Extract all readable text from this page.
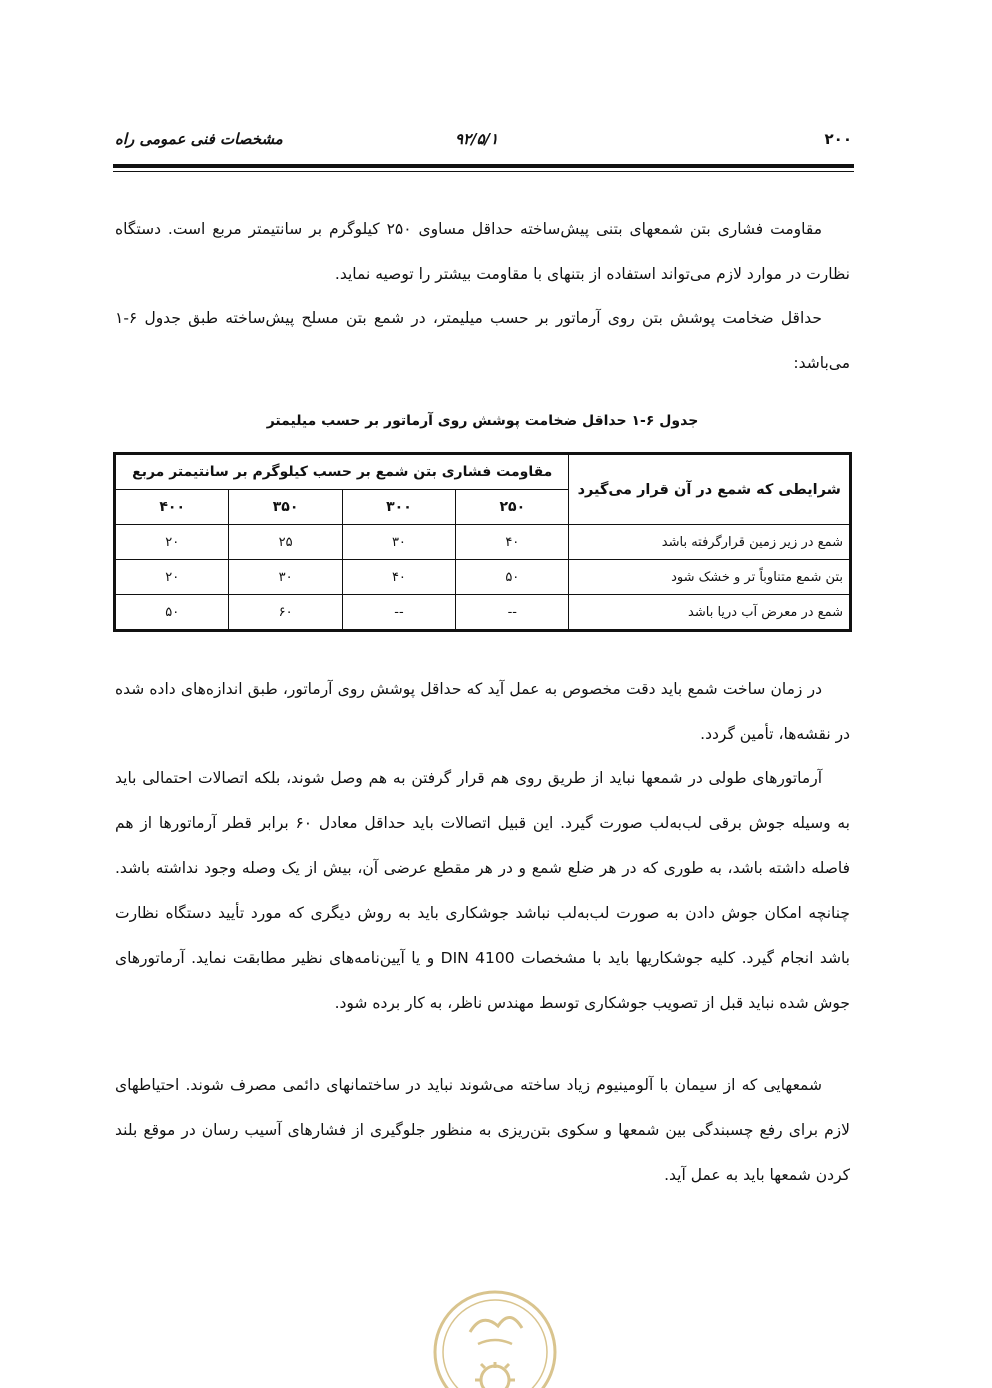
مشخصات فنی عمومی راه	۹۲/۵/۱	۲۰۰

مقاومت فشاری بتن شمعهای بتنی پیش‌ساخته حداقل مساوی ۲۵۰ کیلوگرم بر سانتیمتر مربع است. دستگاه نظارت در موارد لازم می‌تواند استفاده از بتنهای با مقاومت بیشتر را توصیه نماید.

حداقل ضخامت پوشش بتن روی آرماتور بر حسب میلیمتر، در شمع بتن مسلح پیش‌ساخته طبق جدول ۶-۱ می‌باشد:

جدول ۶-۱ حداقل ضخامت پوشش روی آرماتور بر حسب میلیمتر
شرایطی که شمع در آن قرار می‌گیرد	مقاومت فشاری بتن شمع بر حسب کیلوگرم بر سانتیمتر مربع			
	۲۵۰	۳۰۰	۳۵۰	۴۰۰
شمع در زیر زمین قرارگرفته باشد	۴۰	۳۰	۲۵	۲۰
بتن شمع متناوباً تر و خشک شود	۵۰	۴۰	۳۰	۲۰
شمع در معرض آب دریا باشد	--	--	۶۰	۵۰

در زمان ساخت شمع باید دقت مخصوص به عمل آید که حداقل پوشش روی آرماتور، طبق اندازه‌های داده شده در نقشه‌ها، تأمین گردد.

آرماتورهای طولی در شمعها نباید از طریق روی هم قرار گرفتن به هم وصل شوند، بلکه اتصالات احتمالی باید به وسیله جوش برقی لب‌به‌لب صورت گیرد. این قبیل اتصالات باید حداقل معادل ۶۰ برابر قطر آرماتورها از هم فاصله داشته باشد، به طوری که در هر ضلع شمع و در هر مقطع عرضی آن، بیش از یک وصله وجود نداشته باشد. چنانچه امکان جوش دادن به صورت لب‌به‌لب نباشد جوشکاری باید به روش دیگری که مورد تأیید دستگاه نظارت باشد انجام گیرد. کلیه جوشکاریها باید با مشخصات DIN 4100 و یا آیین‌نامه‌های نظیر مطابقت نماید. آرماتورهای جوش شده نباید قبل از تصویب جوشکاری توسط مهندس ناظر، به کار برده شود.

شمعهایی که از سیمان با آلومینیوم زیاد ساخته می‌شوند نباید در ساختمانهای دائمی مصرف شوند. احتیاطهای لازم برای رفع چسبندگی بین شمعها و سکوی بتن‌ریزی به منظور جلوگیری از فشارهای آسیب رسان در موقع بلند کردن شمعها باید به عمل آید.
